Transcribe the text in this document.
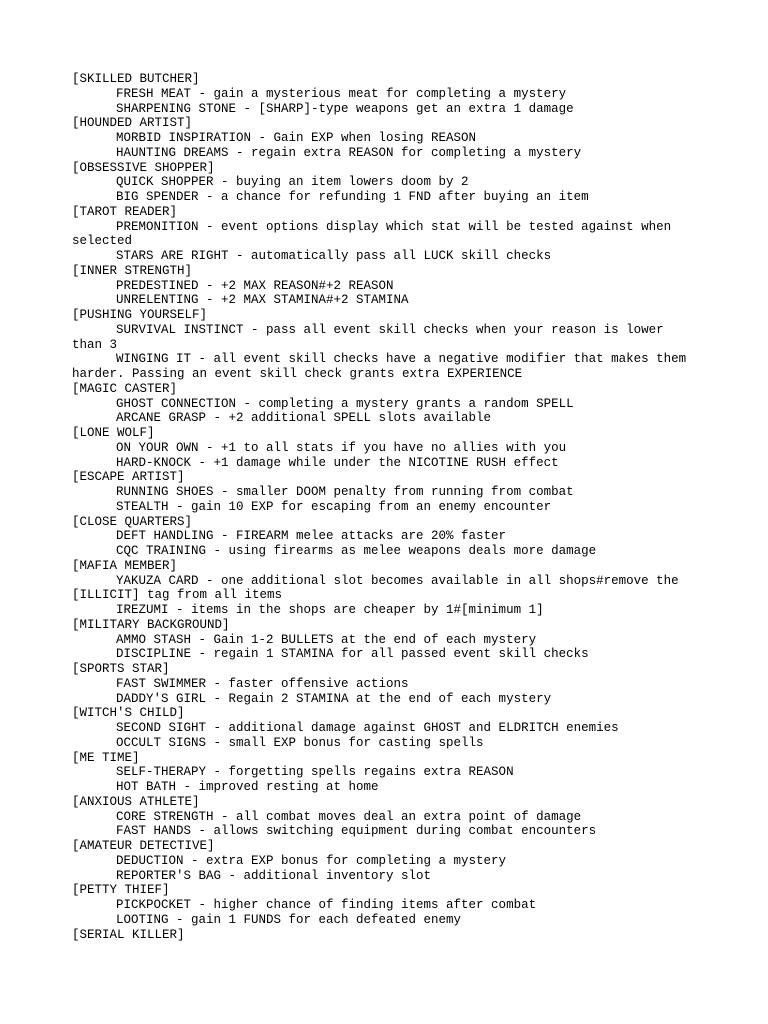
[SKILLED BUTCHER]
FRESH MEAT - gain a mysterious meat for completing a mystery
SHARPENING STONE - [SHARP]-type weapons get an extra 1 damage
[HOUNDED ARTIST]
MORBID INSPIRATION - Gain EXP when losing REASON
HAUNTING DREAMS - regain extra REASON for completing a mystery
[OBSESSIVE SHOPPER]
QUICK SHOPPER - buying an item lowers doom by 2
BIG SPENDER - a chance for refunding 1 FND after buying an item
[TAROT READER]
PREMONITION - event options display which stat will be tested against when selected
STARS ARE RIGHT - automatically pass all LUCK skill checks
[INNER STRENGTH]
PREDESTINED - +2 MAX REASON#+2 REASON
UNRELENTING - +2 MAX STAMINA#+2 STAMINA
[PUSHING YOURSELF]
SURVIVAL INSTINCT - pass all event skill checks when your reason is lower than 3
WINGING IT - all event skill checks have a negative modifier that makes them harder. Passing an event skill check grants extra EXPERIENCE
[MAGIC CASTER]
GHOST CONNECTION - completing a mystery grants a random SPELL
ARCANE GRASP - +2 additional SPELL slots available
[LONE WOLF]
ON YOUR OWN - +1 to all stats if you have no allies with you
HARD-KNOCK - +1 damage while under the NICOTINE RUSH effect
[ESCAPE ARTIST]
RUNNING SHOES - smaller DOOM penalty from running from combat
STEALTH - gain 10 EXP for escaping from an enemy encounter
[CLOSE QUARTERS]
DEFT HANDLING - FIREARM melee attacks are 20% faster
CQC TRAINING - using firearms as melee weapons deals more damage
[MAFIA MEMBER]
YAKUZA CARD - one additional slot becomes available in all shops#remove the [ILLICIT] tag from all items
IREZUMI - items in the shops are cheaper by 1#[minimum 1]
[MILITARY BACKGROUND]
AMMO STASH - Gain 1-2 BULLETS at the end of each mystery
DISCIPLINE - regain 1 STAMINA for all passed event skill checks
[SPORTS STAR]
FAST SWIMMER - faster offensive actions
DADDY'S GIRL - Regain 2 STAMINA at the end of each mystery
[WITCH'S CHILD]
SECOND SIGHT - additional damage against GHOST and ELDRITCH enemies
OCCULT SIGNS - small EXP bonus for casting spells
[ME TIME]
SELF-THERAPY - forgetting spells regains extra REASON
HOT BATH - improved resting at home
[ANXIOUS ATHLETE]
CORE STRENGTH - all combat moves deal an extra point of damage
FAST HANDS - allows switching equipment during combat encounters
[AMATEUR DETECTIVE]
DEDUCTION - extra EXP bonus for completing a mystery
REPORTER'S BAG - additional inventory slot
[PETTY THIEF]
PICKPOCKET - higher chance of finding items after combat
LOOTING - gain 1 FUNDS for each defeated enemy
[SERIAL KILLER]
